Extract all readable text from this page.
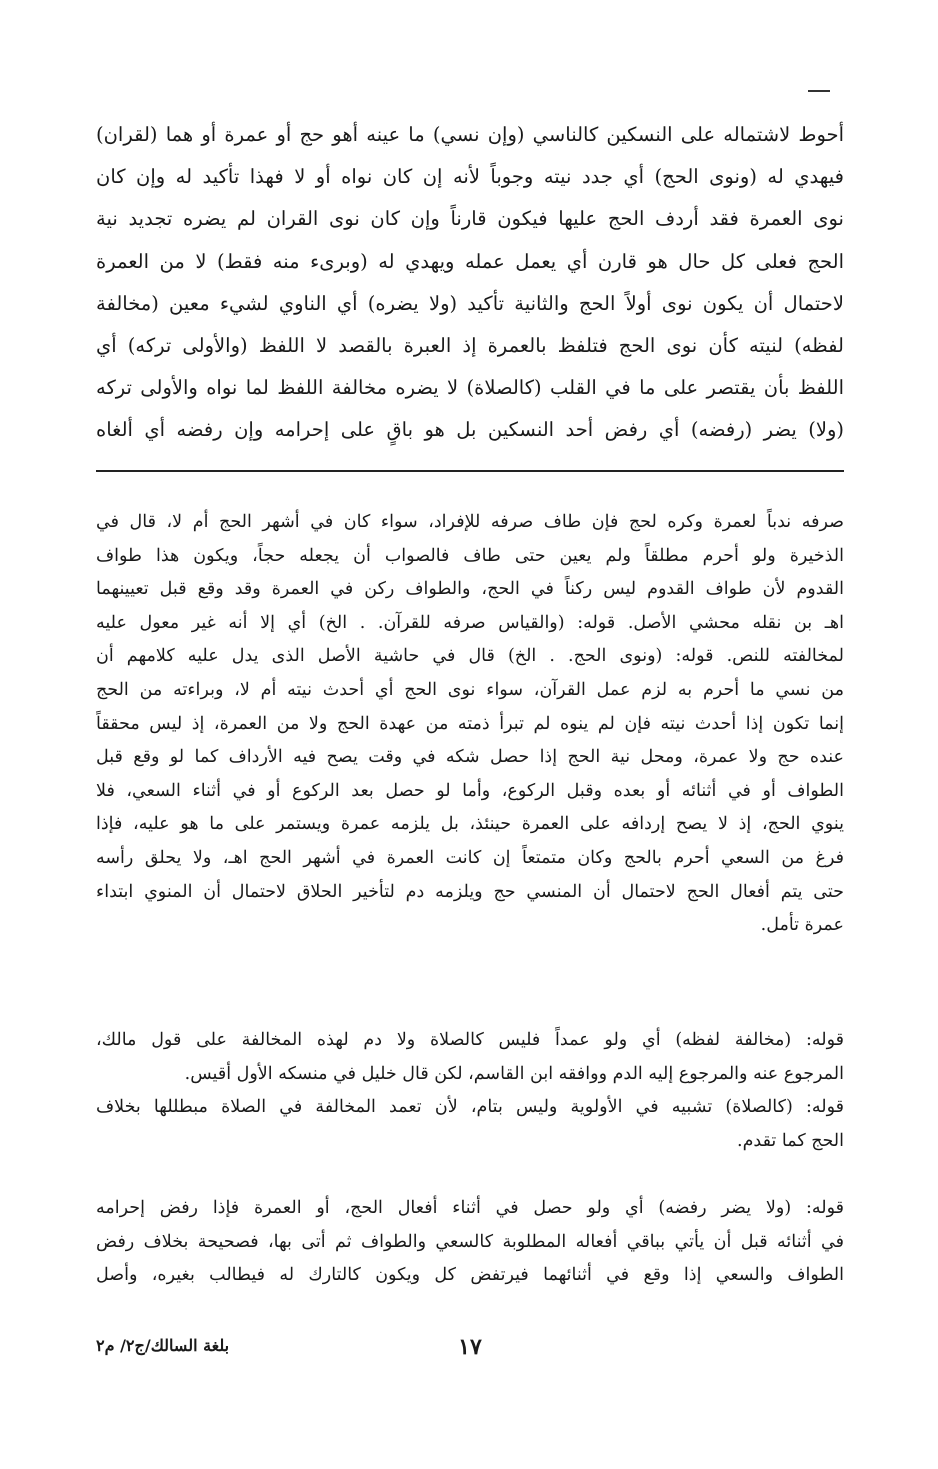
أحوط لاشتماله على النسكين كالناسي (وإن نسي) ما عينه أهو حج أو عمرة أو هما (لقران)
فيهدي له (ونوى الحج) أي جدد نيته وجوباً لأنه إن كان نواه أو لا فهذا تأكيد له وإن كان
نوى العمرة فقد أردف الحج عليها فيكون قارناً وإن كان نوى القران لم يضره تجديد نية
الحج فعلى كل حال هو قارن أي يعمل عمله ويهدي له (وبرىء منه فقط) لا من العمرة
لاحتمال أن يكون نوى أولاً الحج والثانية تأكيد (ولا يضره) أي الناوي لشيء معين (مخالفة
لفظه) لنيته كأن نوى الحج فتلفظ بالعمرة إذ العبرة بالقصد لا اللفظ (والأولى تركه) أي
اللفظ بأن يقتصر على ما في القلب (كالصلاة) لا يضره مخالفة اللفظ لما نواه والأولى تركه
(ولا) يضر (رفضه) أي رفض أحد النسكين بل هو باقٍ على إحرامه وإن رفضه أي ألغاه
صرفه ندباً لعمرة وكره لحج فإن طاف صرفه للإفراد، سواء كان في أشهر الحج أم لا، قال في
الذخيرة ولو أحرم مطلقاً ولم يعين حتى طاف فالصواب أن يجعله حجاً، ويكون هذا طواف
القدوم لأن طواف القدوم ليس ركناً في الحج، والطواف ركن في العمرة وقد وقع قبل تعيينهما
اهـ بن نقله محشي الأصل. قوله: (والقياس صرفه للقرآن. . الخ) أي إلا أنه غير معول عليه
لمخالفته للنص. قوله: (ونوى الحج. . الخ) قال في حاشية الأصل الذى يدل عليه كلامهم أن
من نسي ما أحرم به لزم عمل القرآن، سواء نوى الحج أي أحدث نيته أم لا، وبراءته من الحج
إنما تكون إذا أحدث نيته فإن لم ينوه لم تبرأ ذمته من عهدة الحج ولا من العمرة، إذ ليس محققاً
عنده حج ولا عمرة، ومحل نية الحج إذا حصل شكه في وقت يصح فيه الأرداف كما لو وقع قبل
الطواف أو في أثنائه أو بعده وقبل الركوع، وأما لو حصل بعد الركوع أو في أثناء السعي، فلا
ينوي الحج، إذ لا يصح إردافه على العمرة حينئذ، بل يلزمه عمرة ويستمر على ما هو عليه، فإذا
فرغ من السعي أحرم بالحج وكان متمتعاً إن كانت العمرة في أشهر الحج اهـ، ولا يحلق رأسه
حتى يتم أفعال الحج لاحتمال أن المنسي حج ويلزمه دم لتأخير الحلاق لاحتمال أن المنوي ابتداء
عمرة تأمل.
قوله: (مخالفة لفظه) أي ولو عمداً فليس كالصلاة ولا دم لهذه المخالفة على قول مالك،
المرجوع عنه والمرجوع إليه الدم ووافقه ابن القاسم، لكن قال خليل في منسكه الأول أقيس.
قوله: (كالصلاة) تشبيه في الأولوية وليس بتام، لأن تعمد المخالفة في الصلاة مبطللها بخلاف
الحج كما تقدم.
قوله: (ولا يضر رفضه) أي ولو حصل في أثناء أفعال الحج، أو العمرة فإذا رفض إحرامه
في أثنائه قبل أن يأتي بباقي أفعاله المطلوبة كالسعي والطواف ثم أتى بها، فصحيحة بخلاف رفض
الطواف والسعي إذا وقع في أثنائهما فيرتفض كل ويكون كالتارك له فيطالب بغيره، وأصل
١٧
بلغة السالك/ج٢/ م٢
